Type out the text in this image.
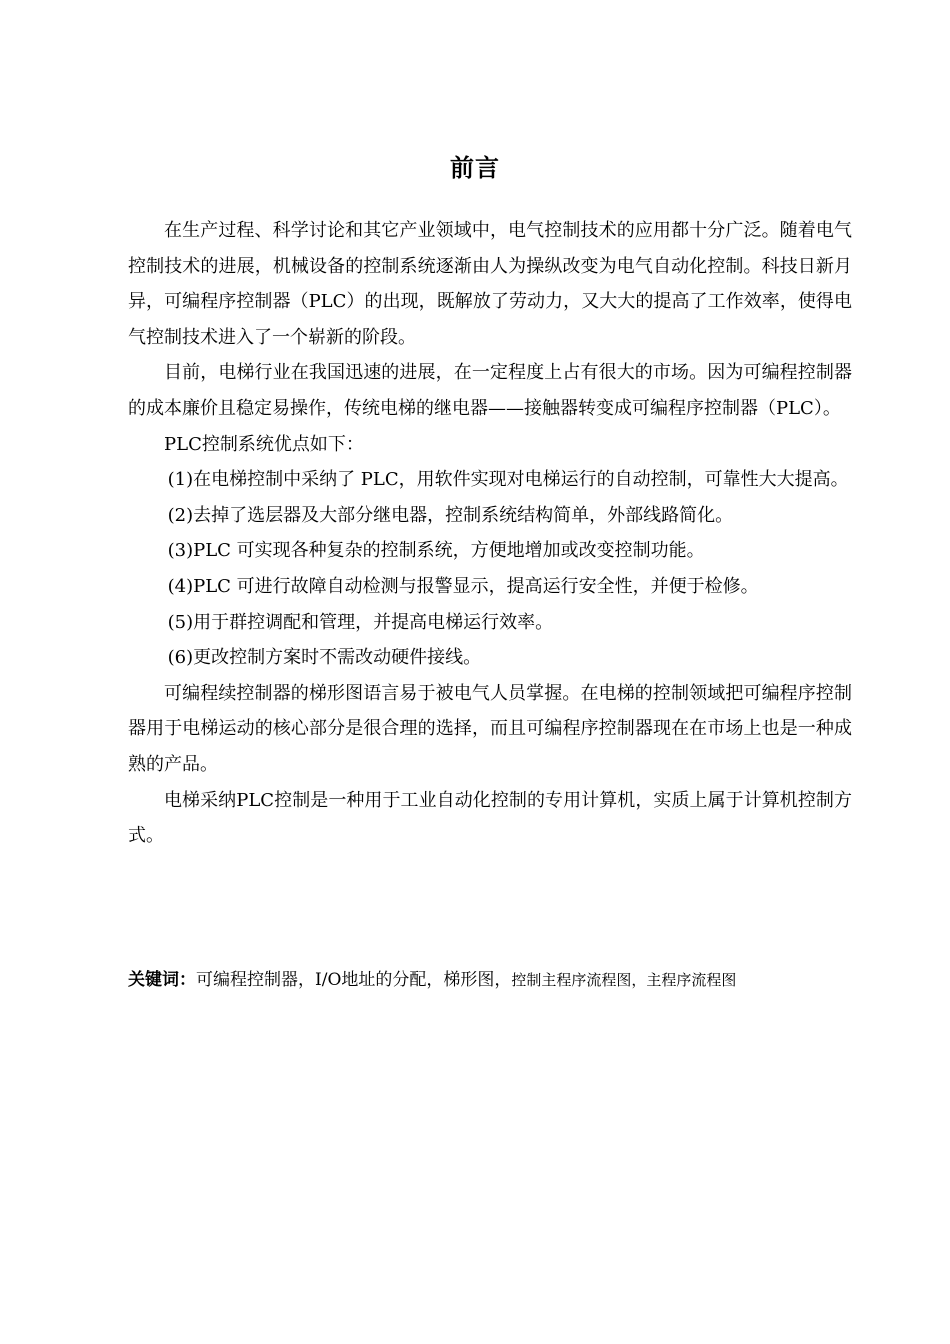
前言

在生产过程、科学讨论和其它产业领域中，电气控制技术的应用都十分广泛。随着电气控制技术的进展，机械设备的控制系统逐渐由人为操纵改变为电气自动化控制。科技日新月异，可编程序控制器（PLC）的出现，既解放了劳动力，又大大的提高了工作效率，使得电气控制技术进入了一个崭新的阶段。

目前，电梯行业在我国迅速的进展，在一定程度上占有很大的市场。因为可编程控制器的成本廉价且稳定易操作，传统电梯的继电器——接触器转变成可编程序控制器（PLC）。

PLC控制系统优点如下：

(1)在电梯控制中采纳了 PLC，用软件实现对电梯运行的自动控制，可靠性大大提高。

(2)去掉了选层器及大部分继电器，控制系统结构简单，外部线路简化。

(3)PLC 可实现各种复杂的控制系统，方便地增加或改变控制功能。

(4)PLC 可进行故障自动检测与报警显示，提高运行安全性，并便于检修。

(5)用于群控调配和管理，并提高电梯运行效率。

(6)更改控制方案时不需改动硬件接线。

可编程续控制器的梯形图语言易于被电气人员掌握。在电梯的控制领域把可编程序控制器用于电梯运动的核心部分是很合理的选择，而且可编程序控制器现在在市场上也是一种成熟的产品。

电梯采纳PLC控制是一种用于工业自动化控制的专用计算机，实质上属于计算机控制方式。

关键词：可编程控制器，I/O地址的分配，梯形图，控制主程序流程图，主程序流程图
